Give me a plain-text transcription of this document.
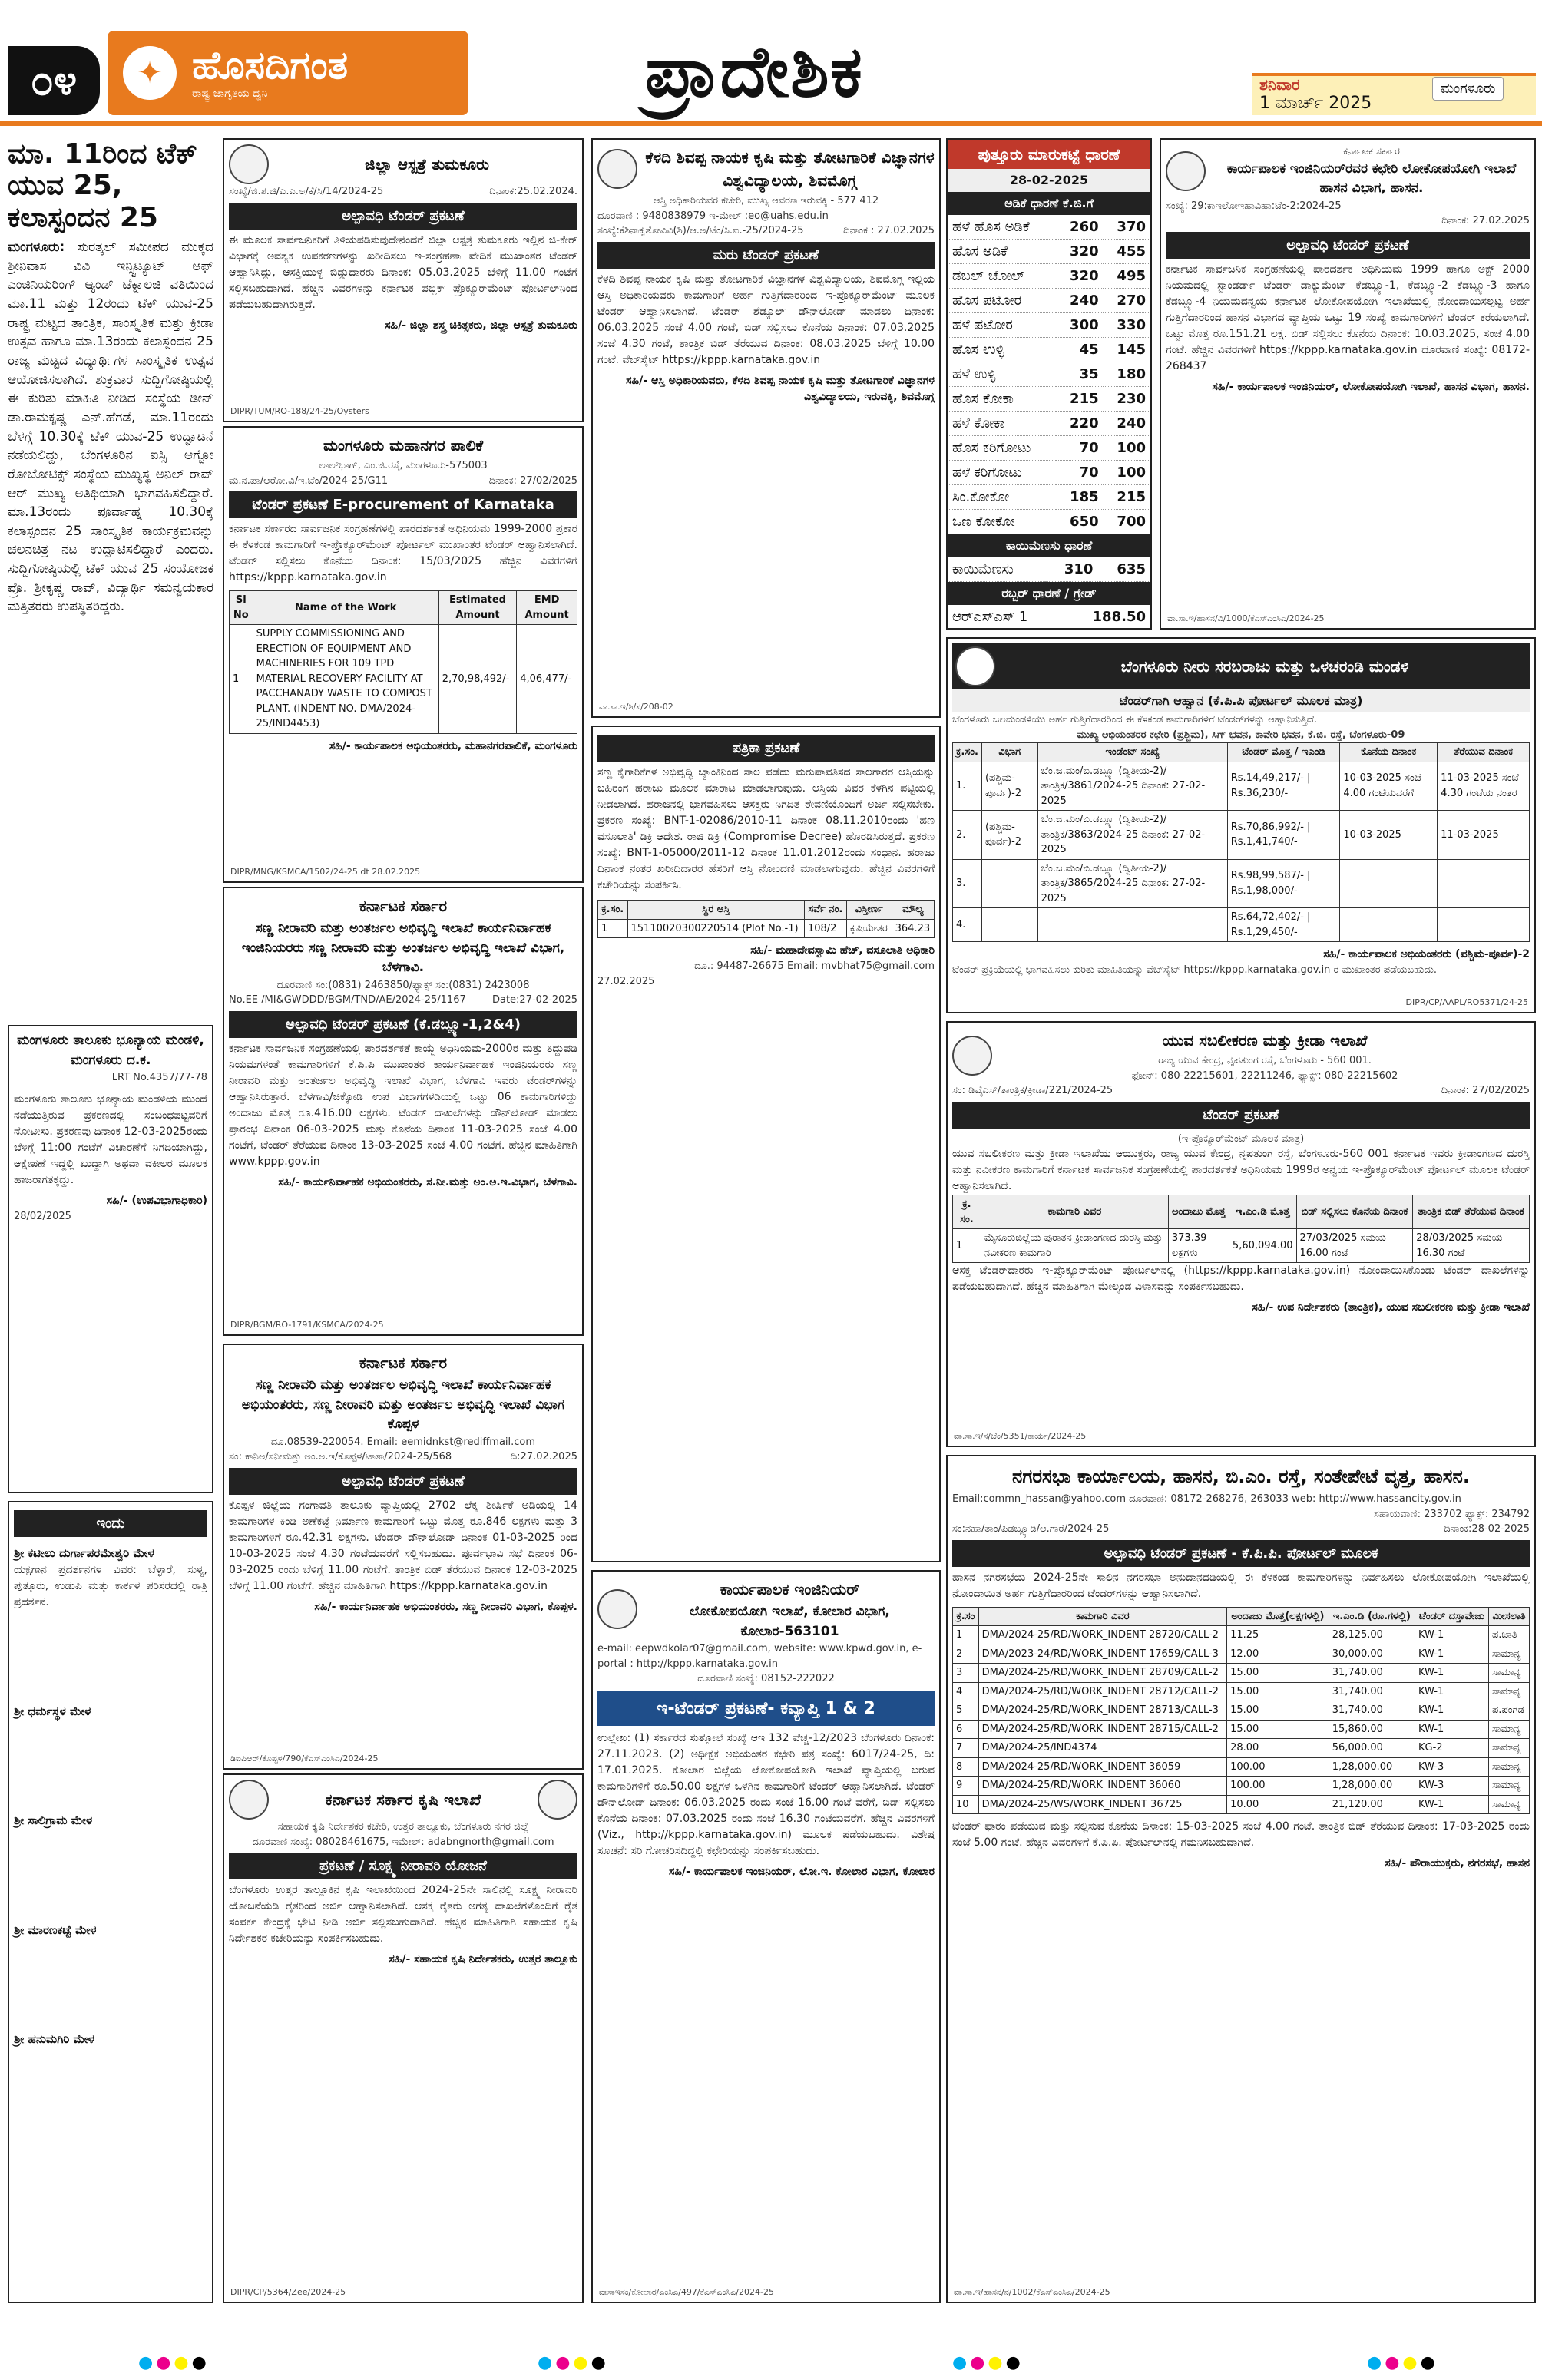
೦೪	✦ ಹೊಸದಿಗಂತ
ರಾಷ್ಟ್ರ ಜಾಗೃತಿಯ ಧ್ವನಿ	ಪ್ರಾದೇಶಿಕ	ಶನಿವಾರ
1 ಮಾರ್ಚ್ 2025
ಮಂಗಳೂರು
ಮಾ. 11ರಿಂದ ಟೆಕ್ ಯುವ 25, ಕಲಾಸ್ಪಂದನ 25

ಮಂಗಳೂರು: ಸುರತ್ಕಲ್ ಸಮೀಪದ ಮುಕ್ಕದ ಶ್ರೀನಿವಾಸ ವಿವಿ ಇನ್ಸ್ಟಿಟ್ಯೂಟ್ ಆಫ್ ಎಂಜಿನಿಯರಿಂಗ್ ಆ್ಯಂಡ್ ಟೆಕ್ನಾಲಜಿ ವತಿಯಿಂದ ಮಾ.11 ಮತ್ತು 12ರಂದು ಟೆಕ್ ಯುವ-25 ರಾಷ್ಟ್ರ ಮಟ್ಟದ ತಾಂತ್ರಿಕ, ಸಾಂಸ್ಕೃತಿಕ ಮತ್ತು ಕ್ರೀಡಾ ಉತ್ಸವ ಹಾಗೂ ಮಾ.13ರಂದು ಕಲಾಸ್ಪಂದನ 25 ರಾಜ್ಯ ಮಟ್ಟದ ವಿದ್ಯಾರ್ಥಿಗಳ ಸಾಂಸ್ಕೃತಿಕ ಉತ್ಸವ ಆಯೋಜಿಸಲಾಗಿದೆ. ಶುಕ್ರವಾರ ಸುದ್ದಿಗೋಷ್ಠಿಯಲ್ಲಿ ಈ ಕುರಿತು ಮಾಹಿತಿ ನೀಡಿದ ಸಂಸ್ಥೆಯ ಡೀನ್ ಡಾ.ರಾಮಕೃಷ್ಣ ಎನ್.ಹೆಗಡೆ, ಮಾ.11ರಂದು ಬೆಳಗ್ಗೆ 10.30ಕ್ಕೆ ಟೆಕ್ ಯುವ-25 ಉದ್ಘಾಟನೆ ನಡೆಯಲಿದ್ದು, ಬೆಂಗಳೂರಿನ ಐಸ್ಸಿ ಆಗ್ಟೋ ರೋಬೋಟಿಕ್ಸ್ ಸಂಸ್ಥೆಯ ಮುಖ್ಯಸ್ಥ ಅನಿಲ್ ರಾವ್ ಆರ್ ಮುಖ್ಯ ಅತಿಥಿಯಾಗಿ ಭಾಗವಹಿಸಲಿದ್ದಾರೆ. ಮಾ.13ರಂದು ಪೂರ್ವಾಹ್ನ 10.30ಕ್ಕೆ ಕಲಾಸ್ಪಂದನ 25 ಸಾಂಸ್ಕೃತಿಕ ಕಾರ್ಯಕ್ರಮವನ್ನು ಚಲನಚಿತ್ರ ನಟ ಉದ್ಘಾಟಿಸಲಿದ್ದಾರೆ ಎಂದರು. ಸುದ್ದಿಗೋಷ್ಠಿಯಲ್ಲಿ ಟೆಕ್ ಯುವ 25 ಸಂಯೋಜಕ ಪ್ರೊ. ಶ್ರೀಕೃಷ್ಣ ರಾವ್, ವಿದ್ಯಾರ್ಥಿ ಸಮನ್ವಯಕಾರ ಮತ್ತಿತರರು ಉಪಸ್ಥಿತರಿದ್ದರು.

ಮಂಗಳೂರು ತಾಲೂಕು ಭೂನ್ಯಾಯ ಮಂಡಳಿ, ಮಂಗಳೂರು ದ.ಕ.
LRT No.4357/77-78

ಮಂಗಳೂರು ತಾಲೂಕು ಭೂನ್ಯಾಯ ಮಂಡಳಿಯ ಮುಂದೆ ನಡೆಯುತ್ತಿರುವ ಪ್ರಕರಣದಲ್ಲಿ ಸಂಬಂಧಪಟ್ಟವರಿಗೆ ನೋಟೀಸು. ಪ್ರಕರಣವು ದಿನಾಂಕ 12-03-2025ರಂದು ಬೆಳಿಗ್ಗೆ 11:00 ಗಂಟೆಗೆ ವಿಚಾರಣೆಗೆ ನಿಗದಿಯಾಗಿದ್ದು, ಆಕ್ಷೇಪಣೆ ಇದ್ದಲ್ಲಿ ಖುದ್ದಾಗಿ ಅಥವಾ ವಕೀಲರ ಮೂಲಕ ಹಾಜರಾಗತಕ್ಕದ್ದು.

ಸಹಿ/- (ಉಪವಿಭಾಗಾಧಿಕಾರಿ)
28/02/2025
ಇಂದು

ಶ್ರೀ ಕಟೀಲು ದುರ್ಗಾಪರಮೇಶ್ವರಿ ಮೇಳ

ಯಕ್ಷಗಾನ ಪ್ರದರ್ಶನಗಳ ವಿವರ: ಬೆಳ್ಳಾರೆ, ಸುಳ್ಯ, ಪುತ್ತೂರು, ಉಡುಪಿ ಮತ್ತು ಕಾರ್ಕಳ ಪರಿಸರದಲ್ಲಿ ರಾತ್ರಿ ಪ್ರದರ್ಶನ.

ಶ್ರೀ ಧರ್ಮಸ್ಥಳ ಮೇಳ

ಶ್ರೀ ಸಾಲಿಗ್ರಾಮ ಮೇಳ

ಶ್ರೀ ಮಾರಣಕಟ್ಟೆ ಮೇಳ

ಶ್ರೀ ಹನುಮಗಿರಿ ಮೇಳ

ಜಿಲ್ಲಾ ಆಸ್ಪತ್ರೆ ತುಮಕೂರು
ಸಂಖ್ಯೆ/ಜಿ.ಶ.ಚಿ/ಎ.ಎ.ಅ/ಕೆ/ಸಿ/14/2024-25	ದಿನಾಂಕ:25.02.2024.
ಅಲ್ಪಾವಧಿ ಟೆಂಡರ್ ಪ್ರಕಟಣೆ

ಈ ಮೂಲಕ ಸಾರ್ವಜನಿಕರಿಗೆ ತಿಳಿಯಪಡಿಸುವುದೇನೆಂದರೆ ಜಿಲ್ಲಾ ಆಸ್ಪತ್ರೆ ತುಮಕೂರು ಇಲ್ಲಿನ ಜಿ-ಕೇರ್ ವಿಭಾಗಕ್ಕೆ ಅವಶ್ಯಕ ಉಪಕರಣಗಳನ್ನು ಖರೀದಿಸಲು ಇ-ಸಂಗ್ರಹಣಾ ವೇದಿಕೆ ಮುಖಾಂತರ ಟೆಂಡರ್ ಆಹ್ವಾನಿಸಿದ್ದು, ಆಸಕ್ತಿಯುಳ್ಳ ಬಿಡ್ಡುದಾರರು ದಿನಾಂಕ: 05.03.2025 ಬೆಳಿಗ್ಗೆ 11.00 ಗಂಟೆಗೆ ಸಲ್ಲಿಸಬಹುದಾಗಿದೆ. ಹೆಚ್ಚಿನ ವಿವರಗಳನ್ನು ಕರ್ನಾಟಕ ಪಬ್ಲಿಕ್ ಪ್ರೊಕ್ಯೂರ್‌ಮೆಂಟ್ ಪೋರ್ಟಲ್‌ನಿಂದ ಪಡೆಯಬಹುದಾಗಿರುತ್ತದೆ.

ಸಹಿ/- ಜಿಲ್ಲಾ ಶಸ್ತ್ರ ಚಿಕಿತ್ಸಕರು, ಜಿಲ್ಲಾ ಆಸ್ಪತ್ರೆ ತುಮಕೂರು
DIPR/TUM/RO-188/24-25/Oysters
ಮಂಗಳೂರು ಮಹಾನಗರ ಪಾಲಿಕೆ
ಲಾಲ್‌ಭಾಗ್, ಎಂ.ಜಿ.ರಸ್ತೆ, ಮಂಗಳೂರು-575003
ಮ.ನ.ಪಾ/ಆರೋ.ವಿ/ಇ.ಟೆಂ/2024-25/G11	ದಿನಾಂಕ: 27/02/2025
ಟೆಂಡರ್ ಪ್ರಕಟಣೆ E-procurement of Karnataka

ಕರ್ನಾಟಕ ಸರ್ಕಾರದ ಸಾರ್ವಜನಿಕ ಸಂಗ್ರಹಣೆಗಳಲ್ಲಿ ಪಾರದರ್ಶಕತೆ ಅಧಿನಿಯಮ 1999-2000 ಪ್ರಕಾರ ಈ ಕೆಳಕಂಡ ಕಾಮಗಾರಿಗೆ ಇ-ಪ್ರೊಕ್ಯೂರ್‌ಮೆಂಟ್ ಪೋರ್ಟಲ್ ಮುಖಾಂತರ ಟೆಂಡರ್ ಆಹ್ವಾನಿಸಲಾಗಿದೆ. ಟೆಂಡರ್ ಸಲ್ಲಿಸಲು ಕೊನೆಯ ದಿನಾಂಕ: 15/03/2025 ಹೆಚ್ಚಿನ ವಿವರಗಳಿಗೆ https://kppp.karnataka.gov.in

Sl No	Name of the Work	Estimated Amount	EMD Amount
1	SUPPLY COMMISSIONING AND ERECTION OF EQUIPMENT AND MACHINERIES FOR 109 TPD MATERIAL RECOVERY FACILITY AT PACCHANADY WASTE TO COMPOST PLANT. (INDENT NO. DMA/2024-25/IND4453)	2,70,98,492/-	4,06,477/-
ಸಹಿ/- ಕಾರ್ಯಪಾಲಕ ಅಭಿಯಂತರರು, ಮಹಾನಗರಪಾಲಿಕೆ, ಮಂಗಳೂರು
DIPR/MNG/KSMCA/1502/24-25 dt 28.02.2025
ಕರ್ನಾಟಕ ಸರ್ಕಾರ
ಸಣ್ಣ ನೀರಾವರಿ ಮತ್ತು ಅಂತರ್ಜಲ ಅಭಿವೃದ್ಧಿ ಇಲಾಖೆ ಕಾರ್ಯನಿರ್ವಾಹಕ ಇಂಜಿನಿಯರರು ಸಣ್ಣ ನೀರಾವರಿ ಮತ್ತು ಅಂತರ್ಜಲ ಅಭಿವೃದ್ಧಿ ಇಲಾಖೆ ವಿಭಾಗ, ಬೆಳಗಾವಿ.
ದೂರವಾಣಿ ಸಂ:(0831) 2463850/ಫ್ಯಾಕ್ಸ್ ಸಂ:(0831) 2423008
No.EE /MI&GWDDD/BGM/TND/AE/2024-25/1167	Date:27-02-2025
ಅಲ್ಪಾವಧಿ ಟೆಂಡರ್ ಪ್ರಕಟಣೆ (ಕೆ.ಡಬ್ಲ್ಯೂ-1,2&4)

ಕರ್ನಾಟಕ ಸಾರ್ವಜನಿಕ ಸಂಗ್ರಹಣೆಯಲ್ಲಿ ಪಾರದರ್ಶಕತೆ ಕಾಯ್ದೆ ಅಧಿನಿಯಮ-2000ರ ಮತ್ತು ತಿದ್ದುಪಡಿ ನಿಯಮಗಳಂತೆ ಕಾಮಗಾರಿಗಳಿಗೆ ಕೆ.ಪಿ.ಪಿ ಮುಖಾಂತರ ಕಾರ್ಯನಿರ್ವಾಹಕ ಇಂಜಿನಿಯರರು ಸಣ್ಣ ನೀರಾವರಿ ಮತ್ತು ಅಂತರ್ಜಲ ಅಭಿವೃದ್ಧಿ ಇಲಾಖೆ ವಿಭಾಗ, ಬೆಳಗಾವಿ ಇವರು ಟೆಂಡರ್‌ಗಳನ್ನು ಆಹ್ವಾನಿಸಿರುತ್ತಾರೆ. ಬೆಳಗಾವಿ/ಚಿಕ್ಕೋಡಿ ಉಪ ವಿಭಾಗಗಳಡಿಯಲ್ಲಿ ಒಟ್ಟು 06 ಕಾಮಗಾರಿಗಳಿದ್ದು ಅಂದಾಜು ಮೊತ್ತ ರೂ.416.00 ಲಕ್ಷಗಳು. ಟೆಂಡರ್ ದಾಖಲೆಗಳನ್ನು ಡೌನ್‌ಲೋಡ್ ಮಾಡಲು ಪ್ರಾರಂಭ ದಿನಾಂಕ 06-03-2025 ಮತ್ತು ಕೊನೆಯ ದಿನಾಂಕ 11-03-2025 ಸಂಜೆ 4.00 ಗಂಟೆಗೆ, ಟೆಂಡರ್ ತೆರೆಯುವ ದಿನಾಂಕ 13-03-2025 ಸಂಜೆ 4.00 ಗಂಟೆಗೆ. ಹೆಚ್ಚಿನ ಮಾಹಿತಿಗಾಗಿ www.kppp.gov.in

ಸಹಿ/- ಕಾರ್ಯನಿರ್ವಾಹಕ ಅಭಿಯಂತರರು, ಸ.ನೀ.ಮತ್ತು ಅಂ.ಅ.ಇ.ವಿಭಾಗ, ಬೆಳಗಾವಿ.
DIPR/BGM/RO-1791/KSMCA/2024-25
ಕರ್ನಾಟಕ ಸರ್ಕಾರ
ಸಣ್ಣ ನೀರಾವರಿ ಮತ್ತು ಅಂತರ್ಜಲ ಅಭಿವೃದ್ಧಿ ಇಲಾಖೆ ಕಾರ್ಯನಿರ್ವಾಹಕ ಅಭಿಯಂತರರು, ಸಣ್ಣ ನೀರಾವರಿ ಮತ್ತು ಅಂತರ್ಜಲ ಅಭಿವೃದ್ಧಿ ಇಲಾಖೆ ವಿಭಾಗ ಕೊಪ್ಪಳ
ದೂ.08539-220054. Email: eemidnkst@rediffmail.com
ಸಂ: ಕಾನಿಅ/ಸನೀಮತ್ತು ಅಂ.ಅ.ಇ/ಕೊಪ್ಪಳ/ಟಾತಾ/2024-25/568	ದಿ:27.02.2025
ಅಲ್ಪಾವಧಿ ಟೆಂಡರ್ ಪ್ರಕಟಣೆ

ಕೊಪ್ಪಳ ಜಿಲ್ಲೆಯ ಗಂಗಾವತಿ ತಾಲೂಕು ವ್ಯಾಪ್ತಿಯಲ್ಲಿ 2702 ಲೆಕ್ಕ ಶೀರ್ಷಿಕೆ ಅಡಿಯಲ್ಲಿ 14 ಕಾಮಗಾರಿಗಳ ಕಿಂಡಿ ಅಣೆಕಟ್ಟೆ ನಿರ್ಮಾಣ ಕಾಮಗಾರಿಗೆ ಒಟ್ಟು ಮೊತ್ತ ರೂ.846 ಲಕ್ಷಗಳು ಮತ್ತು 3 ಕಾಮಗಾರಿಗಳಿಗೆ ರೂ.42.31 ಲಕ್ಷಗಳು. ಟೆಂಡರ್ ಡೌನ್‌ಲೋಡ್ ದಿನಾಂಕ 01-03-2025 ರಿಂದ 10-03-2025 ಸಂಜೆ 4.30 ಗಂಟೆಯವರೆಗೆ ಸಲ್ಲಿಸಬಹುದು. ಪೂರ್ವಭಾವಿ ಸಭೆ ದಿನಾಂಕ 06-03-2025 ರಂದು ಬೆಳಿಗ್ಗೆ 11.00 ಗಂಟೆಗೆ. ತಾಂತ್ರಿಕ ಬಿಡ್ ತೆರೆಯುವ ದಿನಾಂಕ 12-03-2025 ಬೆಳಿಗ್ಗೆ 11.00 ಗಂಟೆಗೆ. ಹೆಚ್ಚಿನ ಮಾಹಿತಿಗಾಗಿ https://kppp.karnataka.gov.in

ಸಹಿ/- ಕಾರ್ಯನಿರ್ವಾಹಕ ಅಭಿಯಂತರರು, ಸಣ್ಣ ನೀರಾವರಿ ವಿಭಾಗ, ಕೊಪ್ಪಳ.
ಡಿಐಪಿಆರ್/ಕೊಪ್ಪಳ/790/ಕೆಎಸ್ಎಂಸಿಎ/2024-25
ಕರ್ನಾಟಕ ಸರ್ಕಾರ ಕೃಷಿ ಇಲಾಖೆ
ಸಹಾಯಕ ಕೃಷಿ ನಿರ್ದೇಶಕರ ಕಚೇರಿ, ಉತ್ತರ ತಾಲ್ಲೂಕು, ಬೆಂಗಳೂರು ನಗರ ಜಿಲ್ಲೆ
ದೂರವಾಣಿ ಸಂಖ್ಯೆ: 08028461675, ಇಮೇಲ್: adabngnorth@gmail.com
ಪ್ರಕಟಣೆ / ಸೂಕ್ಷ್ಮ ನೀರಾವರಿ ಯೋಜನೆ

ಬೆಂಗಳೂರು ಉತ್ತರ ತಾಲ್ಲೂಕಿನ ಕೃಷಿ ಇಲಾಖೆಯಿಂದ 2024-25ನೇ ಸಾಲಿನಲ್ಲಿ ಸೂಕ್ಷ್ಮ ನೀರಾವರಿ ಯೋಜನೆಯಡಿ ರೈತರಿಂದ ಅರ್ಜಿ ಆಹ್ವಾನಿಸಲಾಗಿದೆ. ಆಸಕ್ತ ರೈತರು ಅಗತ್ಯ ದಾಖಲೆಗಳೊಂದಿಗೆ ರೈತ ಸಂಪರ್ಕ ಕೇಂದ್ರಕ್ಕೆ ಭೇಟಿ ನೀಡಿ ಅರ್ಜಿ ಸಲ್ಲಿಸಬಹುದಾಗಿದೆ. ಹೆಚ್ಚಿನ ಮಾಹಿತಿಗಾಗಿ ಸಹಾಯಕ ಕೃಷಿ ನಿರ್ದೇಶಕರ ಕಚೇರಿಯನ್ನು ಸಂಪರ್ಕಿಸಬಹುದು.

ಸಹಿ/- ಸಹಾಯಕ ಕೃಷಿ ನಿರ್ದೇಶಕರು, ಉತ್ತರ ತಾಲ್ಲೂಕು
DIPR/CP/5364/Zee/2024-25
ಕೆಳದಿ ಶಿವಪ್ಪ ನಾಯಕ ಕೃಷಿ ಮತ್ತು ತೋಟಗಾರಿಕೆ ವಿಜ್ಞಾನಗಳ ವಿಶ್ವವಿದ್ಯಾಲಯ, ಶಿವಮೊಗ್ಗ
ಆಸ್ತಿ ಅಧಿಕಾರಿಯವರ ಕಚೇರಿ, ಮುಖ್ಯ ಆವರಣ ಇರುವಕ್ಕಿ - 577 412
ದೂರವಾಣಿ : 9480838979 ಇ-ಮೇಲ್ :eo@uahs.edu.in
ಸಂಖ್ಯೆ:ಕೆಶಿನಾಕೃತೋವಿವಿ(ಶಿ)/ಆ.ಅ/ಟೆಂ/ಸಿ.ಐ.-25/2024-25	ದಿನಾಂಕ : 27.02.2025
ಮರು ಟೆಂಡರ್ ಪ್ರಕಟಣೆ

ಕೆಳದಿ ಶಿವಪ್ಪ ನಾಯಕ ಕೃಷಿ ಮತ್ತು ತೋಟಗಾರಿಕೆ ವಿಜ್ಞಾನಗಳ ವಿಶ್ವವಿದ್ಯಾಲಯ, ಶಿವಮೊಗ್ಗ ಇಲ್ಲಿಯ ಆಸ್ತಿ ಅಧಿಕಾರಿಯವರು ಕಾಮಗಾರಿಗೆ ಅರ್ಹ ಗುತ್ತಿಗೆದಾರರಿಂದ ಇ-ಪ್ರೊಕ್ಯೂರ್‌ಮೆಂಟ್ ಮೂಲಕ ಟೆಂಡರ್ ಆಹ್ವಾನಿಸಲಾಗಿದೆ. ಟೆಂಡರ್ ಶೆಡ್ಯೂಲ್ ಡೌನ್‌ಲೋಡ್ ಮಾಡಲು ದಿನಾಂಕ: 06.03.2025 ಸಂಜೆ 4.00 ಗಂಟೆ, ಬಿಡ್ ಸಲ್ಲಿಸಲು ಕೊನೆಯ ದಿನಾಂಕ: 07.03.2025 ಸಂಜೆ 4.30 ಗಂಟೆ, ತಾಂತ್ರಿಕ ಬಿಡ್ ತೆರೆಯುವ ದಿನಾಂಕ: 08.03.2025 ಬೆಳಿಗ್ಗೆ 10.00 ಗಂಟೆ. ವೆಬ್‌ಸೈಟ್ https://kppp.karnataka.gov.in

ಸಹಿ/- ಆಸ್ತಿ ಅಧಿಕಾರಿಯವರು, ಕೆಳದಿ ಶಿವಪ್ಪ ನಾಯಕ ಕೃಷಿ ಮತ್ತು ತೋಟಗಾರಿಕೆ ವಿಜ್ಞಾನಗಳ ವಿಶ್ವವಿದ್ಯಾಲಯ, ಇರುವಕ್ಕಿ, ಶಿವಮೊಗ್ಗ
ವಾ.ಸಾ.ಇ/ಶಿ/ಸ/208-02
ಪತ್ರಿಕಾ ಪ್ರಕಟಣೆ

ಸಣ್ಣ ಕೈಗಾರಿಕೆಗಳ ಅಭಿವೃದ್ಧಿ ಬ್ಯಾಂಕಿನಿಂದ ಸಾಲ ಪಡೆದು ಮರುಪಾವತಿಸದ ಸಾಲಗಾರರ ಆಸ್ತಿಯನ್ನು ಬಹಿರಂಗ ಹರಾಜು ಮೂಲಕ ಮಾರಾಟ ಮಾಡಲಾಗುವುದು. ಆಸ್ತಿಯ ವಿವರ ಕೆಳಗಿನ ಪಟ್ಟಿಯಲ್ಲಿ ನೀಡಲಾಗಿದೆ. ಹರಾಜಿನಲ್ಲಿ ಭಾಗವಹಿಸಲು ಆಸಕ್ತರು ನಿಗದಿತ ಠೇವಣಿಯೊಂದಿಗೆ ಅರ್ಜಿ ಸಲ್ಲಿಸಬೇಕು. ಪ್ರಕರಣ ಸಂಖ್ಯೆ: BNT-1-02086/2010-11 ದಿನಾಂಕ 08.11.2010ರಂದು 'ಹಣ ವಸೂಲಾತಿ' ಡಿಕ್ರಿ ಆದೇಶ. ರಾಜಿ ಡಿಕ್ರಿ (Compromise Decree) ಹೊರಡಿಸಿರುತ್ತದೆ. ಪ್ರಕರಣ ಸಂಖ್ಯೆ: BNT-1-05000/2011-12 ದಿನಾಂಕ 11.01.2012ರಂದು ಸಂಧಾನ. ಹರಾಜು ದಿನಾಂಕ ನಂತರ ಖರೀದಿದಾರರ ಹೆಸರಿಗೆ ಆಸ್ತಿ ನೋಂದಣಿ ಮಾಡಲಾಗುವುದು. ಹೆಚ್ಚಿನ ವಿವರಗಳಿಗೆ ಕಚೇರಿಯನ್ನು ಸಂಪರ್ಕಿಸಿ.

ಕ್ರ.ಸಂ.	ಸ್ಥಿರ ಆಸ್ತಿ	ಸರ್ವೆ ನಂ.	ವಿಸ್ತೀರ್ಣ	ಮೌಲ್ಯ
1	15110020300220514 (Plot No.-1)	108/2	ಕೃಷಿಯೇತರ	364.23
ಸಹಿ/- ಮಹಾದೇವಸ್ವಾಮಿ ಹೆಚ್, ವಸೂಲಾತಿ ಅಧಿಕಾರಿ
ದೂ.: 94487-26675 Email: mvbhat75@gmail.com
27.02.2025
ಕಾರ್ಯಪಾಲಕ ಇಂಜಿನಿಯರ್
ಲೋಕೋಪಯೋಗಿ ಇಲಾಖೆ, ಕೋಲಾರ ವಿಭಾಗ, ಕೋಲಾರ-563101
e-mail: eepwdkolar07@gmail.com, website: www.kpwd.gov.in, e-portal : http://kppp.karnataka.gov.in
ದೂರವಾಣಿ ಸಂಖ್ಯೆ: 08152-222022
ಇ-ಟೆಂಡರ್ ಪ್ರಕಟಣೆ- ಕವ್ಯಾಪ್ತಿ 1 & 2

ಉಲ್ಲೇಖ: (1) ಸರ್ಕಾರದ ಸುತ್ತೋಲೆ ಸಂಖ್ಯೆ ಆಇ 132 ವೆಚ್ಚ-12/2023 ಬೆಂಗಳೂರು ದಿನಾಂಕ: 27.11.2023. (2) ಅಧೀಕ್ಷಕ ಅಭಿಯಂತರ ಕಛೇರಿ ಪತ್ರ ಸಂಖ್ಯೆ: 6017/24-25, ದಿ: 17.01.2025. ಕೋಲಾರ ಜಿಲ್ಲೆಯ ಲೋಕೋಪಯೋಗಿ ಇಲಾಖೆ ವ್ಯಾಪ್ತಿಯಲ್ಲಿ ಬರುವ ಕಾಮಗಾರಿಗಳಿಗೆ ರೂ.50.00 ಲಕ್ಷಗಳ ಒಳಗಿನ ಕಾಮಗಾರಿಗೆ ಟೆಂಡರ್ ಆಹ್ವಾನಿಸಲಾಗಿದೆ. ಟೆಂಡರ್ ಡೌನ್‌ಲೋಡ್ ದಿನಾಂಕ: 06.03.2025 ರಂದು ಸಂಜೆ 16.00 ಗಂಟೆ ವರೆಗೆ, ಬಿಡ್ ಸಲ್ಲಿಸಲು ಕೊನೆಯ ದಿನಾಂಕ: 07.03.2025 ರಂದು ಸಂಜೆ 16.30 ಗಂಟೆಯವರೆಗೆ. ಹೆಚ್ಚಿನ ವಿವರಗಳಿಗೆ (Viz., http://kppp.karnataka.gov.in) ಮೂಲಕ ಪಡೆಯಬಹುದು. ವಿಶೇಷ ಸೂಚನೆ: ಸರಿ ಗೋಚರಿಸದಿದ್ದಲ್ಲಿ ಕಛೇರಿಯನ್ನು ಸಂಪರ್ಕಿಸಬಹುದು.

ಸಹಿ/- ಕಾರ್ಯಪಾಲಕ ಇಂಜಿನಿಯರ್, ಲೋ.ಇ. ಕೋಲಾರ ವಿಭಾಗ, ಕೋಲಾರ
ವಾಸಾಇಸಂ/ಕೋಲಾರ/ಎಂಸಿಎ/497/ಕೆಎಸ್ಎಂಸಿಎ/2024-25
ಪುತ್ತೂರು ಮಾರುಕಟ್ಟೆ ಧಾರಣೆ
28-02-2025
ಅಡಿಕೆ ಧಾರಣೆ ಕೆ.ಜಿ.ಗೆ
ಹಳೆ ಹೊಸ ಅಡಿಕೆ	260	370
ಹೊಸ ಅಡಿಕೆ	320	455
ಡಬಲ್ ಚೋಲ್	320	495
ಹೊಸ ಪಟೋರ	240	270
ಹಳೆ ಪಟೋರ	300	330
ಹೊಸ ಉಳ್ಳಿ	45	145
ಹಳೆ ಉಳ್ಳಿ	35	180
ಹೊಸ ಕೋಕಾ	215	230
ಹಳೆ ಕೋಕಾ	220	240
ಹೊಸ ಕರಿಗೋಟು	70	100
ಹಳೆ ಕರಿಗೋಟು	70	100
ಸಿಂ.ಕೋಕೋ	185	215
ಒಣ ಕೋಕೋ	650	700
ಕಾಯಿಮೆಣಸು ಧಾರಣೆ
ಕಾಯಿಮೆಣಸು	310	635
ರಬ್ಬರ್ ಧಾರಣೆ / ಗ್ರೇಡ್
ಆರ್‌ಎಸ್‌ಎಸ್ 1	188.50

ಕರ್ನಾಟಕ ಸರ್ಕಾರ
ಕಾರ್ಯಪಾಲಕ ಇಂಜಿನಿಯರ್‌ರವರ ಕಛೇರಿ ಲೋಕೋಪಯೋಗಿ ಇಲಾಖೆ ಹಾಸನ ವಿಭಾಗ, ಹಾಸನ.
ಸಂಖ್ಯೆ: 29:ಕಾಇಲೋಇಹಾವಿಹಾ:ಟೆಂ-2:2024-25
ದಿನಾಂಕ: 27.02.2025
ಅಲ್ಪಾವಧಿ ಟೆಂಡರ್ ಪ್ರಕಟಣೆ

ಕರ್ನಾಟಕ ಸಾರ್ವಜನಿಕ ಸಂಗ್ರಹಣೆಯಲ್ಲಿ ಪಾರದರ್ಶಕ ಅಧಿನಿಯಮ 1999 ಹಾಗೂ ಅಕ್ಟ್ 2000 ನಿಯಮದಲ್ಲಿ ಸ್ಟಾಂಡರ್ಡ್ ಟೆಂಡರ್ ಡಾಕ್ಯುಮೆಂಟ್ ಕೆಡಬ್ಲ್ಯೂ-1, ಕೆಡಬ್ಲ್ಯೂ-2 ಕೆಡಬ್ಲ್ಯೂ-3 ಹಾಗೂ ಕೆಡಬ್ಲ್ಯೂ-4 ನಿಯಮದನ್ವಯ ಕರ್ನಾಟಕ ಲೋಕೋಪಯೋಗಿ ಇಲಾಖೆಯಲ್ಲಿ ನೋಂದಾಯಿಸಲ್ಪಟ್ಟ ಅರ್ಹ ಗುತ್ತಿಗೆದಾರರಿಂದ ಹಾಸನ ವಿಭಾಗದ ವ್ಯಾಪ್ತಿಯ ಒಟ್ಟು 19 ಸಂಖ್ಯೆ ಕಾಮಗಾರಿಗಳಿಗೆ ಟೆಂಡರ್ ಕರೆಯಲಾಗಿದೆ. ಒಟ್ಟು ಮೊತ್ತ ರೂ.151.21 ಲಕ್ಷ. ಬಿಡ್ ಸಲ್ಲಿಸಲು ಕೊನೆಯ ದಿನಾಂಕ: 10.03.2025, ಸಂಜೆ 4.00 ಗಂಟೆ. ಹೆಚ್ಚಿನ ವಿವರಗಳಿಗೆ https://kppp.karnataka.gov.in ದೂರವಾಣಿ ಸಂಖ್ಯೆ: 08172-268437

ಸಹಿ/- ಕಾರ್ಯಪಾಲಕ ಇಂಜಿನಿಯರ್, ಲೋಕೋಪಯೋಗಿ ಇಲಾಖೆ, ಹಾಸನ ವಿಭಾಗ, ಹಾಸನ.
ವಾ.ಸಾ.ಇ/ಹಾಸನ/ವಿ/1000/ಕೆಎಸ್ಎಂಸಿಎ/2024-25
ಬೆಂಗಳೂರು ನೀರು ಸರಬರಾಜು ಮತ್ತು ಒಳಚರಂಡಿ ಮಂಡಳಿ
ಟೆಂಡರ್‌ಗಾಗಿ ಆಹ್ವಾನ (ಕೆ.ಪಿ.ಪಿ ಪೋರ್ಟಲ್ ಮೂಲಕ ಮಾತ್ರ)
ಬೆಂಗಳೂರು ಜಲಮಂಡಳಿಯು ಅರ್ಹ ಗುತ್ತಿಗೆದಾರರಿಂದ ಈ ಕೆಳಕಂಡ ಕಾಮಗಾರಿಗಳಿಗೆ ಟೆಂಡರ್‌ಗಳನ್ನು ಆಹ್ವಾನಿಸುತ್ತಿದೆ.
ಮುಖ್ಯ ಅಭಿಯಂತರರ ಕಛೇರಿ (ಪ್ರಶ್ಚಿಮ), ಸಿಗ್ ಭವನ, ಕಾವೇರಿ ಭವನ, ಕೆ.ಜಿ. ರಸ್ತೆ, ಬೆಂಗಳೂರು-09
ಕ್ರ.ಸಂ.	ವಿಭಾಗ	ಇಂಡೆಂಟ್ ಸಂಖ್ಯೆ	ಟೆಂಡರ್ ಮೊತ್ತ / ಇಎಂಡಿ	ಕೊನೆಯ ದಿನಾಂಕ	ತೆರೆಯುವ ದಿನಾಂಕ
1.	(ಪಶ್ಚಿಮ-ಪೂರ್ವ)-2	ಬೆಂ.ಜ.ಮಂ/ಬಿ.ಡಬ್ಲ್ಯೂ (ದ್ವಿತೀಯ-2)/ತಾಂತ್ರಿಕ/3861/2024-25 ದಿನಾಂಕ: 27-02-2025	Rs.14,49,217/- | Rs.36,230/-	10-03-2025 ಸಂಜೆ 4.00 ಗಂಟೆಯವರೆಗೆ	11-03-2025 ಸಂಜೆ 4.30 ಗಂಟೆಯ ನಂತರ
2.	(ಪಶ್ಚಿಮ-ಪೂರ್ವ)-2	ಬೆಂ.ಜ.ಮಂ/ಬಿ.ಡಬ್ಲ್ಯೂ (ದ್ವಿತೀಯ-2)/ತಾಂತ್ರಿಕ/3863/2024-25 ದಿನಾಂಕ: 27-02-2025	Rs.70,86,992/- | Rs.1,41,740/-	10-03-2025	11-03-2025
3.		ಬೆಂ.ಜ.ಮಂ/ಬಿ.ಡಬ್ಲ್ಯೂ (ದ್ವಿತೀಯ-2)/ತಾಂತ್ರಿಕ/3865/2024-25 ದಿನಾಂಕ: 27-02-2025	Rs.98,99,587/- | Rs.1,98,000/-		
4.			Rs.64,72,402/- | Rs.1,29,450/-		
ಸಹಿ/- ಕಾರ್ಯಪಾಲಕ ಅಭಿಯಂತರರು (ಪಶ್ಚಿಮ-ಪೂರ್ವ)-2
ಟೆಂಡರ್ ಪ್ರಕ್ರಿಯೆಯಲ್ಲಿ ಭಾಗವಹಿಸಲು ಕುರಿತು ಮಾಹಿತಿಯನ್ನು ವೆಬ್‌ಸೈಟ್ https://kppp.karnataka.gov.in ರ ಮುಖಾಂತರ ಪಡೆಯಬಹುದು.
DIPR/CP/AAPL/RO5371/24-25
ಯುವ ಸಬಲೀಕರಣ ಮತ್ತು ಕ್ರೀಡಾ ಇಲಾಖೆ
ರಾಜ್ಯ ಯುವ ಕೇಂದ್ರ, ನೃಪತುಂಗ ರಸ್ತೆ, ಬೆಂಗಳೂರು - 560 001.
ಫೋನ್: 080-22215601, 22211246, ಫ್ಯಾಕ್ಸ್: 080-22215602
ಸಂ: ಡಿವೈಎಸ್/ತಾಂತ್ರಿಕ/ಕ್ರೀಡಾ/221/2024-25	ದಿನಾಂಕ: 27/02/2025
ಟೆಂಡರ್ ಪ್ರಕಟಣೆ
(ಇ-ಪ್ರೊಕ್ಯೂರ್‌ಮೆಂಟ್ ಮೂಲಕ ಮಾತ್ರ)

ಯುವ ಸಬಲೀಕರಣ ಮತ್ತು ಕ್ರೀಡಾ ಇಲಾಖೆಯ ಆಯುಕ್ತರು, ರಾಜ್ಯ ಯುವ ಕೇಂದ್ರ, ನೃಪತುಂಗ ರಸ್ತೆ, ಬೆಂಗಳೂರು-560 001 ಕರ್ನಾಟಕ ಇವರು ಕ್ರೀಡಾಂಗಣದ ದುರಸ್ತಿ ಮತ್ತು ನವೀಕರಣ ಕಾಮಗಾರಿಗೆ ಕರ್ನಾಟಕ ಸಾರ್ವಜನಿಕ ಸಂಗ್ರಹಣೆಯಲ್ಲಿ ಪಾರದರ್ಶಕತೆ ಅಧಿನಿಯಮ 1999ರ ಅನ್ವಯ ಇ-ಪ್ರೊಕ್ಯೂರ್‌ಮೆಂಟ್ ಪೋರ್ಟಲ್ ಮೂಲಕ ಟೆಂಡರ್ ಆಹ್ವಾನಿಸಲಾಗಿದೆ.

ಕ್ರ. ಸಂ.	ಕಾಮಗಾರಿ ವಿವರ	ಅಂದಾಜು ಮೊತ್ತ	ಇ.ಎಂ.ಡಿ ಮೊತ್ತ	ಬಿಡ್ ಸಲ್ಲಿಸಲು ಕೊನೆಯ ದಿನಾಂಕ	ತಾಂತ್ರಿಕ ಬಿಡ್ ತೆರೆಯುವ ದಿನಾಂಕ
1	ಮೈಸೂರುಜಿಲ್ಲೆಯ ಪುರಾತನ ಕ್ರೀಡಾಂಗಣದ ದುರಸ್ತಿ ಮತ್ತು ನವೀಕರಣ ಕಾಮಗಾರಿ	373.39 ಲಕ್ಷಗಳು	5,60,094.00	27/03/2025 ಸಮಯ 16.00 ಗಂಟೆ	28/03/2025 ಸಮಯ 16.30 ಗಂಟೆ

ಆಸಕ್ತ ಟೆಂಡರ್‌ದಾರರು ಇ-ಪ್ರೊಕ್ಯೂರ್‌ಮೆಂಟ್ ಪೋರ್ಟಲ್‌ನಲ್ಲಿ (https://kppp.karnataka.gov.in) ನೋಂದಾಯಿಸಿಕೊಂಡು ಟೆಂಡರ್ ದಾಖಲೆಗಳನ್ನು ಪಡೆಯಬಹುದಾಗಿದೆ. ಹೆಚ್ಚಿನ ಮಾಹಿತಿಗಾಗಿ ಮೇಲ್ಕಂಡ ವಿಳಾಸವನ್ನು ಸಂಪರ್ಕಿಸಬಹುದು.

ಸಹಿ/- ಉಪ ನಿರ್ದೇಶಕರು (ತಾಂತ್ರಿಕ), ಯುವ ಸಬಲೀಕರಣ ಮತ್ತು ಕ್ರೀಡಾ ಇಲಾಖೆ
ವಾ.ಸಾ.ಇ/ಸ/ಬೆಂ/5351/ಕಾರ್ಯ/2024-25
ನಗರಸಭಾ ಕಾರ್ಯಾಲಯ, ಹಾಸನ, ಬಿ.ಎಂ. ರಸ್ತೆ, ಸಂತೇಪೇಟೆ ವೃತ್ತ, ಹಾಸನ.
Email:commn_hassan@yahoo.com ದೂರವಾಣಿ: 08172-268276, 263033 web: http://www.hassancity.gov.in
ಸಹಾಯವಾಣಿ: 233702 ಫ್ಯಾಕ್ಸ್: 234792
ಸಂ:ನಹಾ/ತಾಂ/ಪಿಡಬ್ಲ್ಯೂಡಿ/ಆ.ಗಾರೆ/2024-25	ದಿನಾಂಕ:28-02-2025
ಅಲ್ಪಾವಧಿ ಟೆಂಡರ್ ಪ್ರಕಟಣೆ - ಕೆ.ಪಿ.ಪಿ. ಪೋರ್ಟಲ್ ಮೂಲಕ

ಹಾಸನ ನಗರಸಭೆಯ 2024-25ನೇ ಸಾಲಿನ ನಗರಸಭಾ ಅನುದಾನದಡಿಯಲ್ಲಿ ಈ ಕೆಳಕಂಡ ಕಾಮಗಾರಿಗಳನ್ನು ನಿರ್ವಹಿಸಲು ಲೋಕೋಪಯೋಗಿ ಇಲಾಖೆಯಲ್ಲಿ ನೋಂದಾಯಿತ ಅರ್ಹ ಗುತ್ತಿಗೆದಾರರಿಂದ ಟೆಂಡರ್‌ಗಳನ್ನು ಆಹ್ವಾನಿಸಲಾಗಿದೆ.

ಕ್ರ.ಸಂ	ಕಾಮಗಾರಿ ವಿವರ	ಅಂದಾಜು ಮೊತ್ತ(ಲಕ್ಷಗಳಲ್ಲಿ)	ಇ.ಎಂ.ಡಿ (ರೂ.ಗಳಲ್ಲಿ)	ಟೆಂಡರ್ ದಸ್ತಾವೇಜು	ಮೀಸಲಾತಿ
1	DMA/2024-25/RD/WORK_INDENT 28720/CALL-2	11.25	28,125.00	KW-1	ಪ.ಜಾತಿ
2	DMA/2023-24/RD/WORK_INDENT 17659/CALL-3	12.00	30,000.00	KW-1	ಸಾಮಾನ್ಯ
3	DMA/2024-25/RD/WORK_INDENT 28709/CALL-2	15.00	31,740.00	KW-1	ಸಾಮಾನ್ಯ
4	DMA/2024-25/RD/WORK_INDENT 28712/CALL-2	15.00	31,740.00	KW-1	ಸಾಮಾನ್ಯ
5	DMA/2024-25/RD/WORK_INDENT 28713/CALL-3	15.00	31,740.00	KW-1	ಪ.ಪಂಗಡ
6	DMA/2024-25/RD/WORK_INDENT 28715/CALL-2	15.00	15,860.00	KW-1	ಸಾಮಾನ್ಯ
7	DMA/2024-25/IND4374	28.00	56,000.00	KG-2	ಸಾಮಾನ್ಯ
8	DMA/2024-25/RD/WORK_INDENT 36059	100.00	1,28,000.00	KW-3	ಸಾಮಾನ್ಯ
9	DMA/2024-25/RD/WORK_INDENT 36060	100.00	1,28,000.00	KW-3	ಸಾಮಾನ್ಯ
10	DMA/2024-25/WS/WORK_INDENT 36725	10.00	21,120.00	KW-1	ಸಾಮಾನ್ಯ

ಟೆಂಡರ್ ಫಾರಂ ಪಡೆಯುವ ಮತ್ತು ಸಲ್ಲಿಸುವ ಕೊನೆಯ ದಿನಾಂಕ: 15-03-2025 ಸಂಜೆ 4.00 ಗಂಟೆ. ತಾಂತ್ರಿಕ ಬಿಡ್ ತೆರೆಯುವ ದಿನಾಂಕ: 17-03-2025 ರಂದು ಸಂಜೆ 5.00 ಗಂಟೆ. ಹೆಚ್ಚಿನ ವಿವರಗಳಿಗೆ ಕೆ.ಪಿ.ಪಿ. ಪೋರ್ಟಲ್‌ನಲ್ಲಿ ಗಮನಿಸಬಹುದಾಗಿದೆ.

ಸಹಿ/- ಪೌರಾಯುಕ್ತರು, ನಗರಸಭೆ, ಹಾಸನ
ವಾ.ಸಾ.ಇ/ಹಾಸನ/ನ/1002/ಕೆಎಸ್ಎಂಸಿಎ/2024-25
●●●●	●●●●	●●●●	●●●●
